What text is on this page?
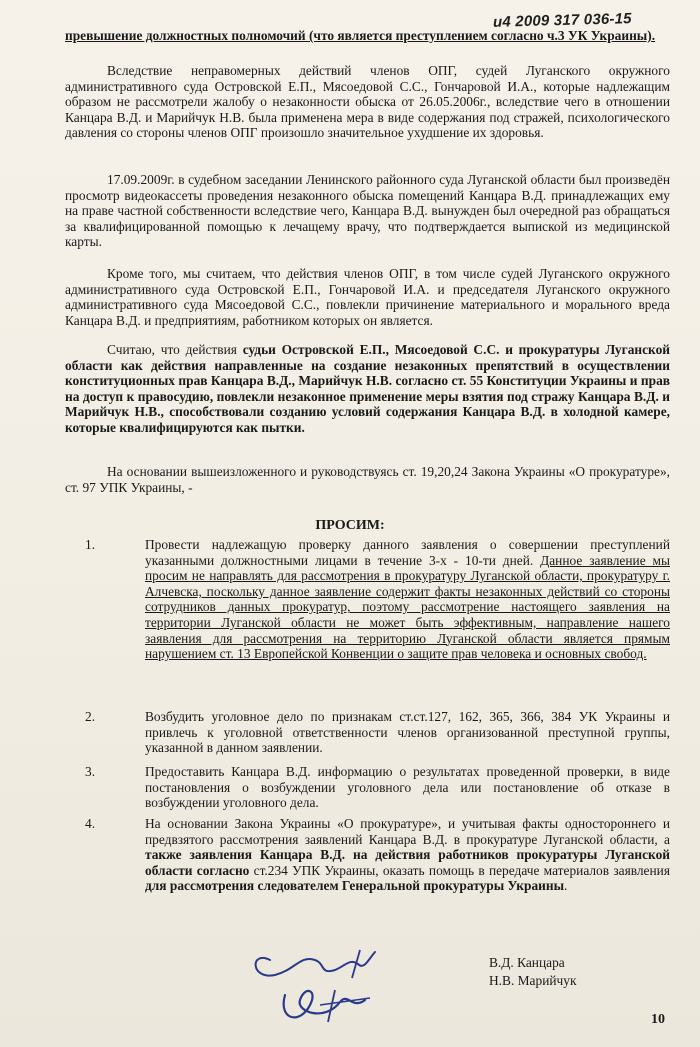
u4 2009 317 036-15
превышение должностных полномочий (что является преступлением согласно ч.3 УК Украины).

Вследствие неправомерных действий членов ОПГ, судей Луганского окружного административного суда Островской Е.П., Мясоедовой С.С., Гончаровой И.А., которые надлежащим образом не рассмотрели жалобу о незаконности обыска от 26.05.2006г., вследствие чего в отношении Канцара В.Д. и Марийчук Н.В. была применена мера в виде содержания под стражей, психологического давления со стороны членов ОПГ произошло значительное ухудшение их здоровья.

17.09.2009г. в судебном заседании Ленинского районного суда Луганской области был произведён просмотр видеокассеты проведения незаконного обыска помещений Канцара В.Д. принадлежащих ему на праве частной собственности вследствие чего, Канцара В.Д. вынужден был очередной раз обращаться за квалифицированной помощью к лечащему врачу, что подтверждается выпиской из медицинской карты.

Кроме того, мы считаем, что действия членов ОПГ, в том числе судей Луганского окружного административного суда Островской Е.П., Гончаровой И.А. и председателя Луганского окружного административного суда Мясоедовой С.С., повлекли причинение материального и морального вреда Канцара В.Д. и предприятиям, работником которых он является.

Считаю, что действия судьи Островской Е.П., Мясоедовой С.С. и прокуратуры Луганской области как действия направленные на создание незаконных препятствий в осуществлении конституционных прав Канцара В.Д., Марийчук Н.В. согласно ст. 55 Конституции Украины и прав на доступ к правосудию, повлекли незаконное применение меры взятия под стражу Канцара В.Д. и Марийчук Н.В., способствовали созданию условий содержания Канцара В.Д. в холодной камере, которые квалифицируются как пытки.

На основании вышеизложенного и руководствуясь ст. 19,20,24 Закона Украины «О прокуратуре», ст. 97 УПК Украины, -

ПРОСИМ:
1.	Провести надлежащую проверку данного заявления о совершении преступлений указанными должностными лицами в течение 3-х - 10-ти дней. Данное заявление мы просим не направлять для рассмотрения в прокуратуру Луганской области, прокуратуру г. Алчевска, поскольку данное заявление содержит факты незаконных действий со стороны сотрудников данных прокуратур, поэтому рассмотрение настоящего заявления на территории Луганской области не может быть эффективным, направление нашего заявления для рассмотрения на территорию Луганской области является прямым нарушением ст. 13 Европейской Конвенции о защите прав человека и основных свобод.
2.	Возбудить уголовное дело по признакам ст.ст.127, 162, 365, 366, 384 УК Украины и привлечь к уголовной ответственности членов организованной преступной группы, указанной в данном заявлении.
3.	Предоставить Канцара В.Д. информацию о результатах проведенной проверки, в виде постановления о возбуждении уголовного дела или постановление об отказе в возбуждении уголовного дела.
4.	На основании Закона Украины «О прокуратуре», и учитывая факты одностороннего и предвзятого рассмотрения заявлений Канцара В.Д. в прокуратуре Луганской области, а также заявления Канцара В.Д. на действия работников прокуратуры Луганской области согласно ст.234 УПК Украины, оказать помощь в передаче материалов заявления для рассмотрения следователем Генеральной прокуратуры Украины.
В.Д. Канцара
Н.В. Марийчук
10
